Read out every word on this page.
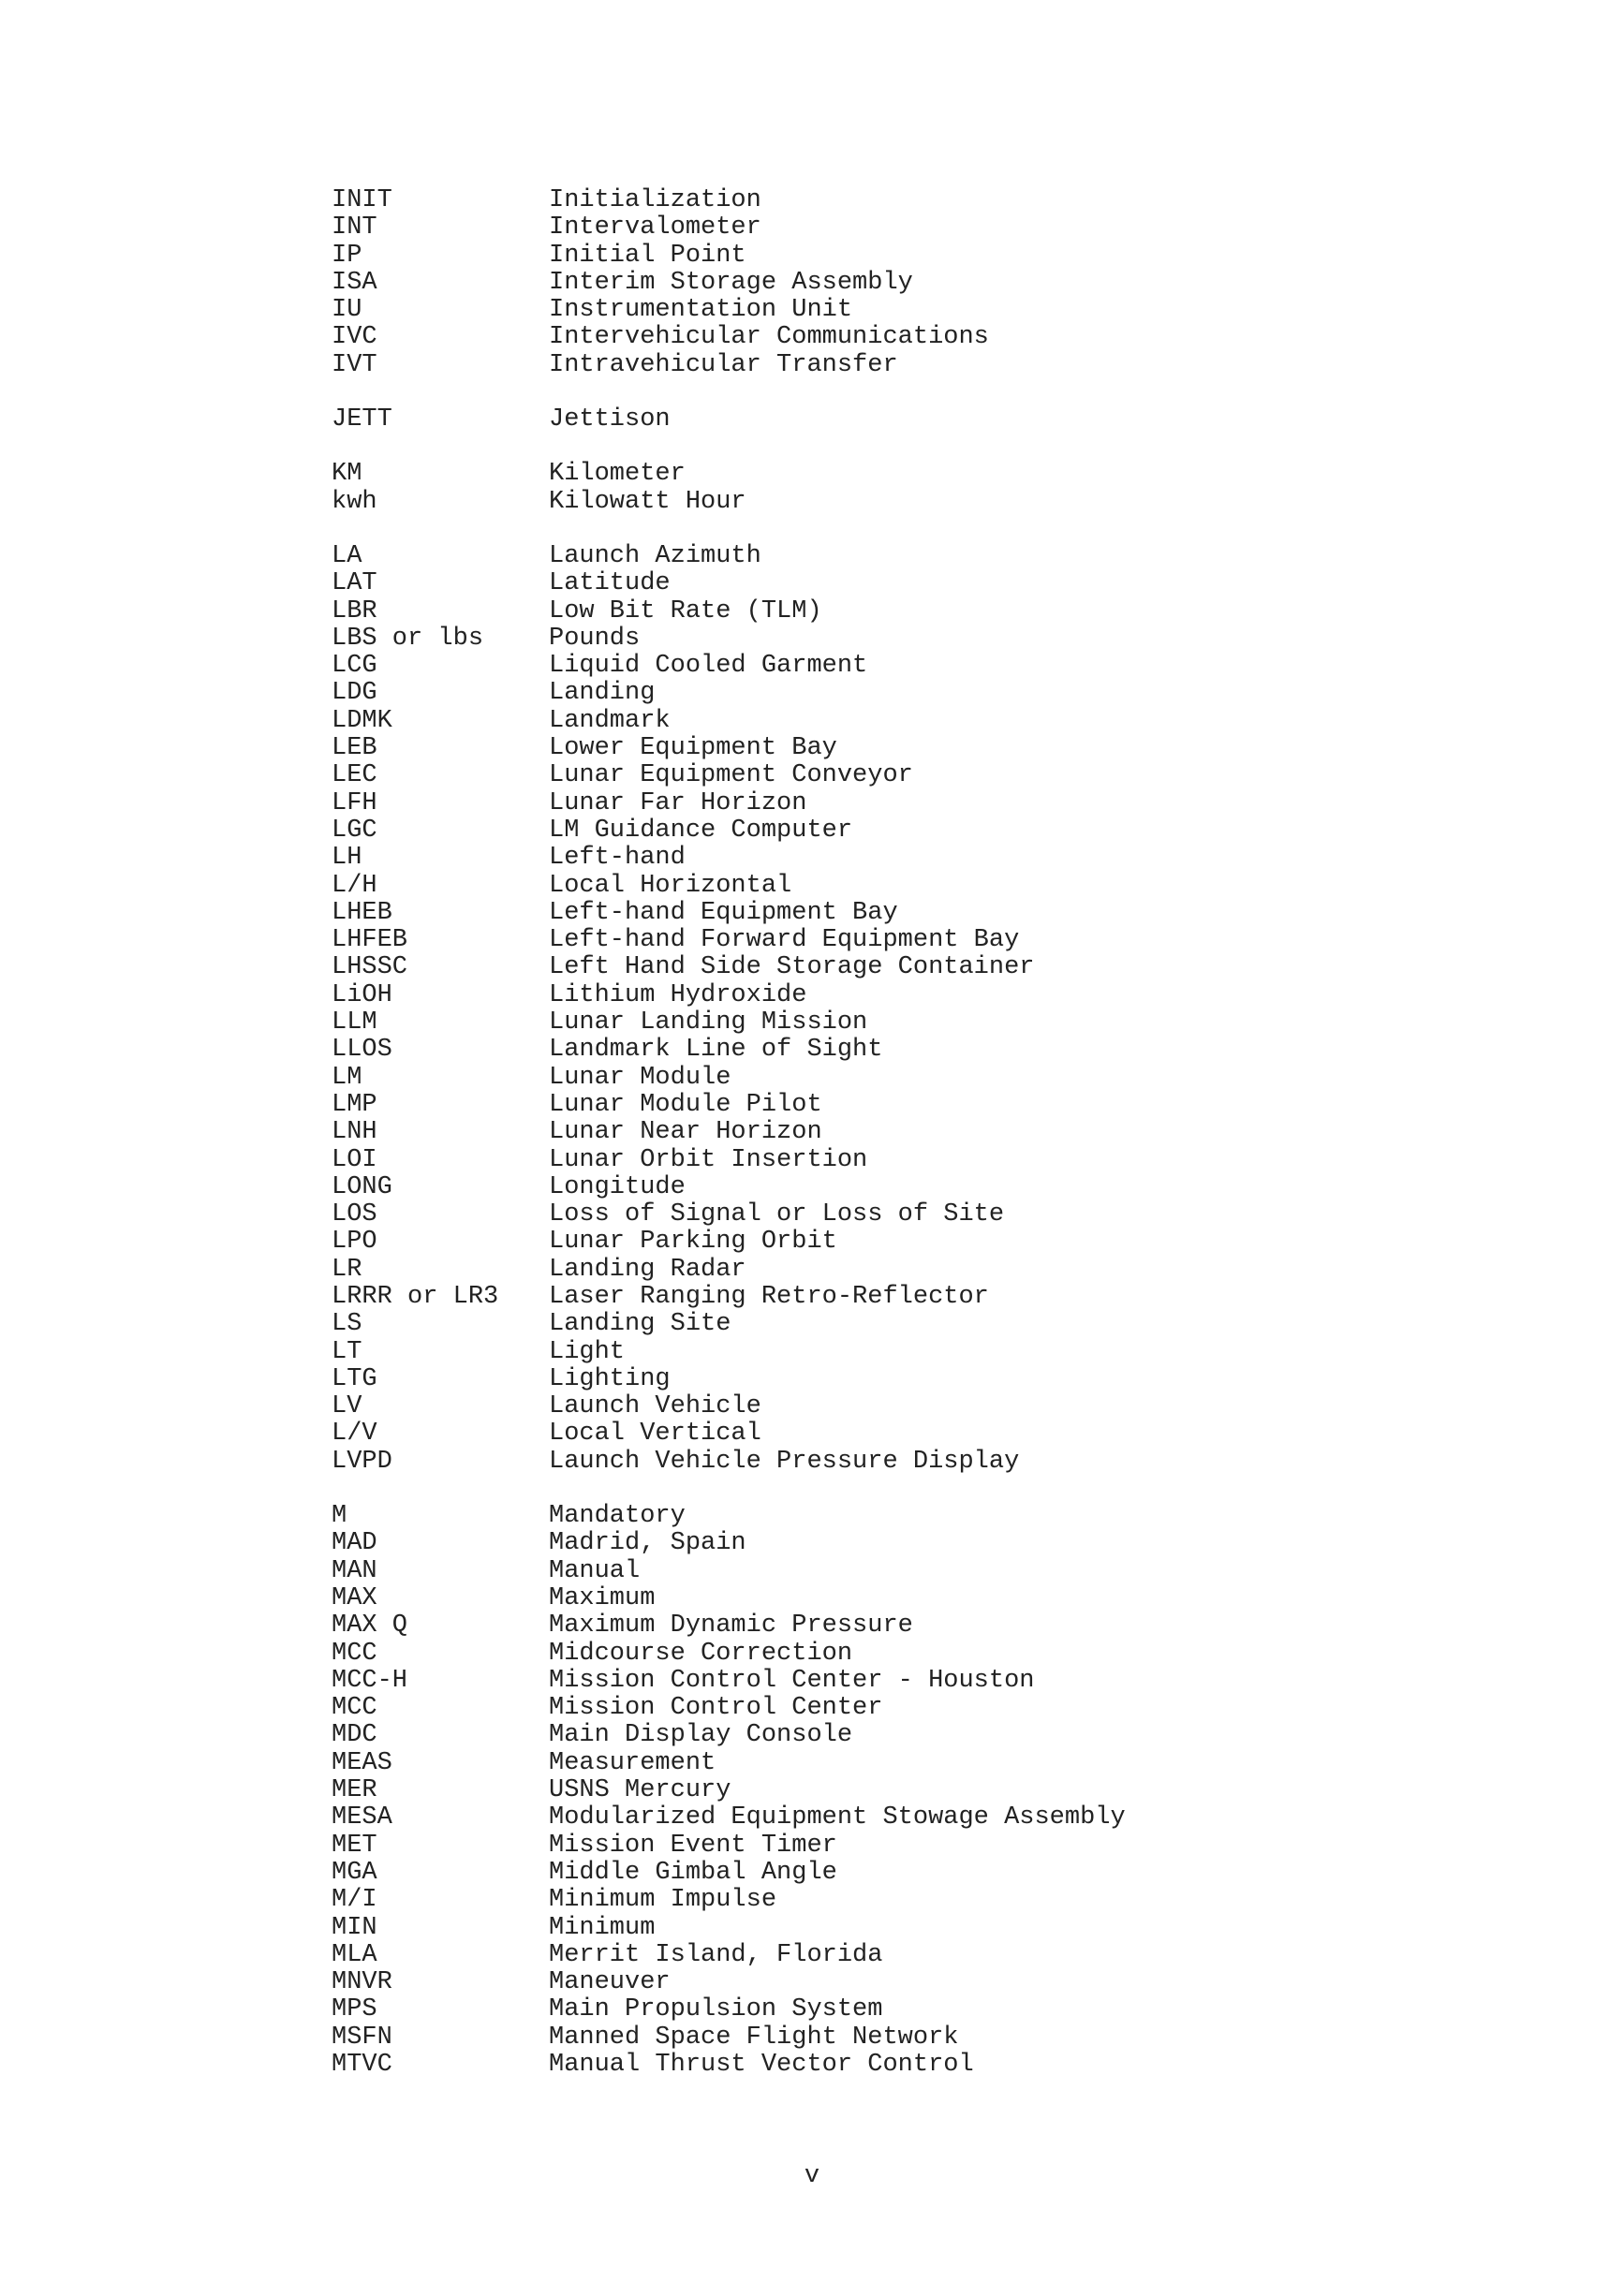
INIT	Initialization
INT	Intervalometer
IP	Initial Point
ISA	Interim Storage Assembly
IU	Instrumentation Unit
IVC	Intervehicular Communications
IVT	Intravehicular Transfer
JETT	Jettison
KM	Kilometer
kwh	Kilowatt Hour
LA	Launch Azimuth
LAT	Latitude
LBR	Low Bit Rate (TLM)
LBS or lbs	Pounds
LCG	Liquid Cooled Garment
LDG	Landing
LDMK	Landmark
LEB	Lower Equipment Bay
LEC	Lunar Equipment Conveyor
LFH	Lunar Far Horizon
LGC	LM Guidance Computer
LH	Left-hand
L/H	Local Horizontal
LHEB	Left-hand Equipment Bay
LHFEB	Left-hand Forward Equipment Bay
LHSSC	Left Hand Side Storage Container
LiOH	Lithium Hydroxide
LLM	Lunar Landing Mission
LLOS	Landmark Line of Sight
LM	Lunar Module
LMP	Lunar Module Pilot
LNH	Lunar Near Horizon
LOI	Lunar Orbit Insertion
LONG	Longitude
LOS	Loss of Signal or Loss of Site
LPO	Lunar Parking Orbit
LR	Landing Radar
LRRR or LR3	Laser Ranging Retro-Reflector
LS	Landing Site
LT	Light
LTG	Lighting
LV	Launch Vehicle
L/V	Local Vertical
LVPD	Launch Vehicle Pressure Display
M	Mandatory
MAD	Madrid, Spain
MAN	Manual
MAX	Maximum
MAX Q	Maximum Dynamic Pressure
MCC	Midcourse Correction
MCC-H	Mission Control Center - Houston
MCC	Mission Control Center
MDC	Main Display Console
MEAS	Measurement
MER	USNS Mercury
MESA	Modularized Equipment Stowage Assembly
MET	Mission Event Timer
MGA	Middle Gimbal Angle
M/I	Minimum Impulse
MIN	Minimum
MLA	Merrit Island, Florida
MNVR	Maneuver
MPS	Main Propulsion System
MSFN	Manned Space Flight Network
MTVC	Manual Thrust Vector Control
v
